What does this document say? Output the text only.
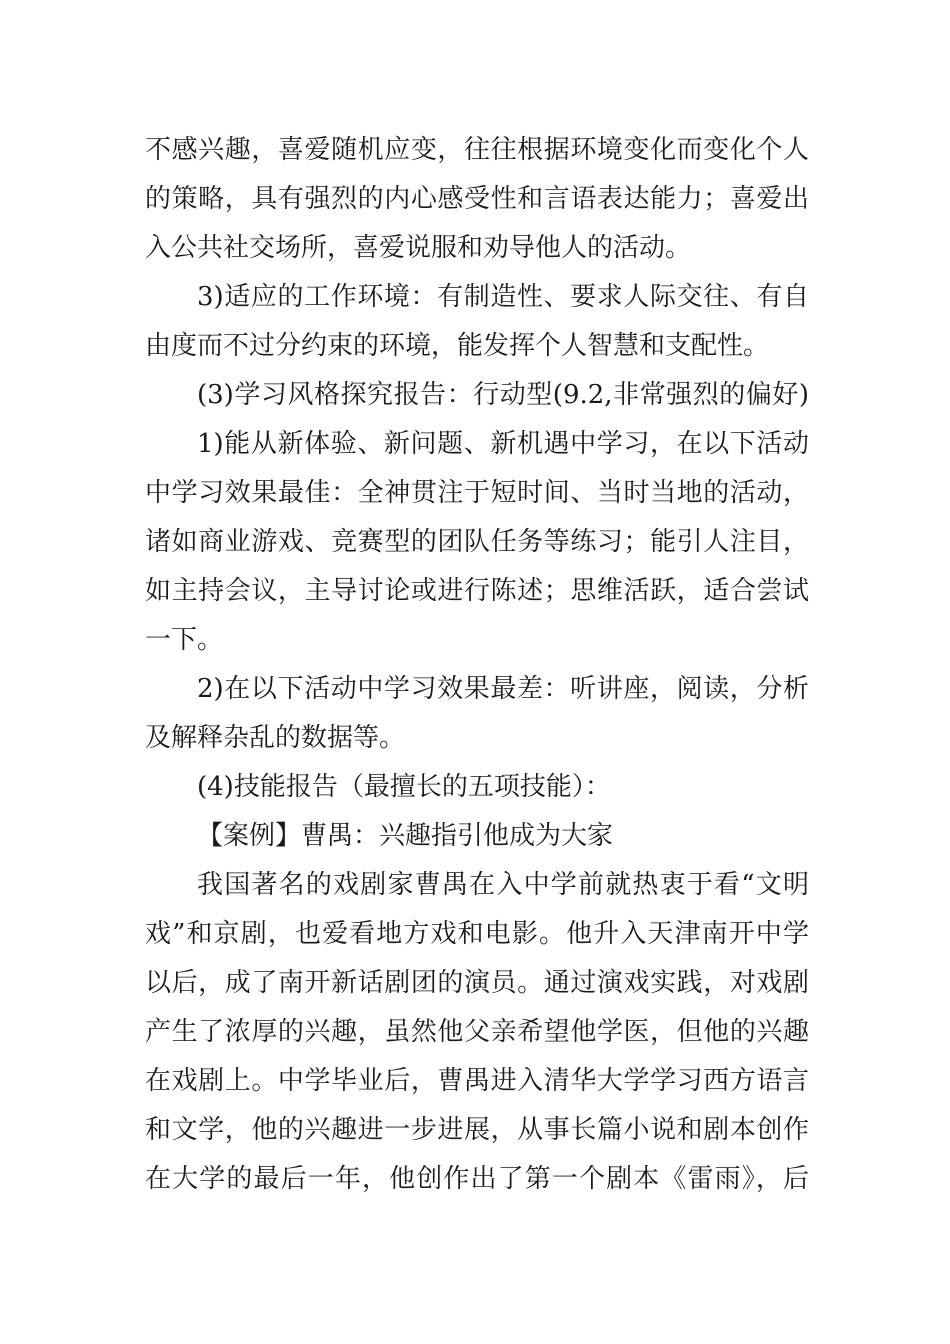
不感兴趣，喜爱随机应变，往往根据环境变化而变化个人
的策略，具有强烈的内心感受性和言语表达能力；喜爱出
入公共社交场所，喜爱说服和劝导他人的活动。
3)适应的工作环境：有制造性、要求人际交往、有自
由度而不过分约束的环境，能发挥个人智慧和支配性。
(3)学习风格探究报告：行动型(9.2,非常强烈的偏好)
1)能从新体验、新问题、新机遇中学习，在以下活动
中学习效果最佳：全神贯注于短时间、当时当地的活动，
诸如商业游戏、竞赛型的团队任务等练习；能引人注目，
如主持会议，主导讨论或进行陈述；思维活跃，适合尝试
一下。
2)在以下活动中学习效果最差：听讲座，阅读，分析
及解释杂乱的数据等。
(4)技能报告（最擅长的五项技能）：
【案例】曹禺：兴趣指引他成为大家
我国著名的戏剧家曹禺在入中学前就热衷于看“文明
戏”和京剧，也爱看地方戏和电影。他升入天津南开中学
以后，成了南开新话剧团的演员。通过演戏实践，对戏剧
产生了浓厚的兴趣，虽然他父亲希望他学医，但他的兴趣
在戏剧上。中学毕业后，曹禺进入清华大学学习西方语言
和文学，他的兴趣进一步进展，从事长篇小说和剧本创作
在大学的最后一年，他创作出了第一个剧本《雷雨》，后
